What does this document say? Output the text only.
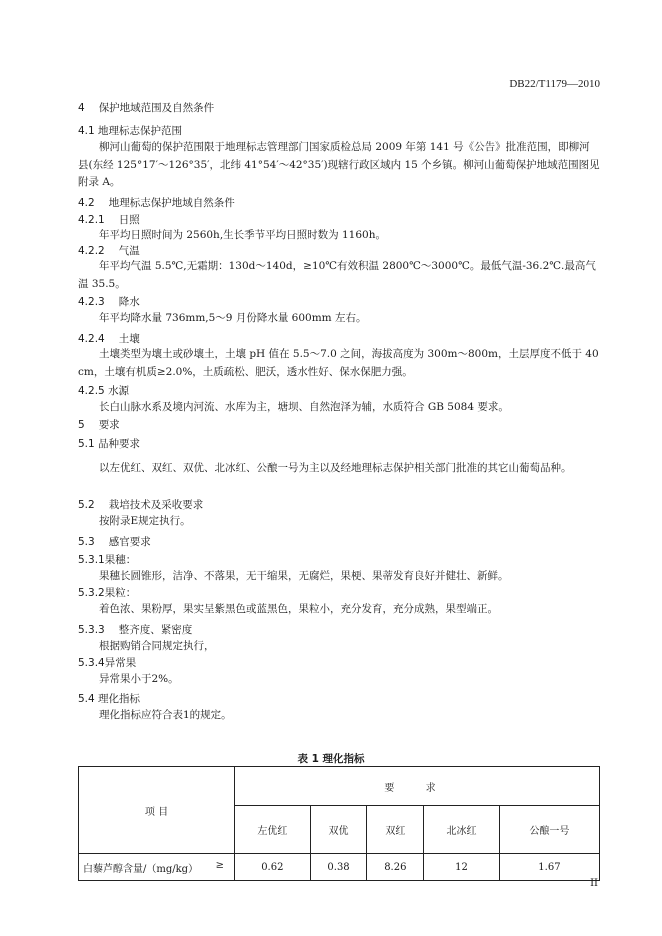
DB22/T1179—2010
4 保护地域范围及自然条件
4.1 地理标志保护范围
柳河山葡萄的保护范围限于地理标志管理部门国家质检总局 2009 年第 141 号《公告》批准范围，即柳河县(东经 125°17′～126°35′，北纬 41°54′～42°35′)现辖行政区域内 15 个乡镇。柳河山葡萄保护地域范围图见附录 A。
4.2 地理标志保护地域自然条件
4.2.1 日照
年平均日照时间为 2560h,生长季节平均日照时数为 1160h。
4.2.2 气温
年平均气温 5.5℃,无霜期：130d～140d，≥10℃有效积温 2800℃～3000℃。最低气温-36.2℃.最高气温 35.5。
4.2.3 降水
年平均降水量 736mm,5～9 月份降水量 600mm 左右。
4.2.4 土壤
土壤类型为壤土或砂壤土，土壤 pH 值在 5.5～7.0 之间，海拔高度为 300m～800m，土层厚度不低于 40 cm，土壤有机质≥2.0%，土质疏松、肥沃，透水性好、保水保肥力强。
4.2.5 水源
长白山脉水系及境内河流、水库为主，塘坝、自然泡泽为辅，水质符合 GB 5084 要求。
5 要求
5.1 品种要求
以左优红、双红、双优、北冰红、公酿一号为主以及经地理标志保护相关部门批准的其它山葡萄品种。
5.2 栽培技术及采收要求
按附录E规定执行。
5.3 感官要求
5.3.1果穗：
果穗长圆锥形，洁净、不落果，无干缩果，无腐烂，果梗、果蒂发育良好并健壮、新鲜。
5.3.2果粒：
着色浓、果粉厚，果实呈紫黑色或蓝黑色，果粒小，充分发育，充分成熟，果型端正。
5.3.3 整齐度、紧密度
根据购销合同规定执行，
5.3.4异常果
异常果小于2%。
5.4 理化指标
理化指标应符合表1的规定。
表 1 理化指标
项 目	要 求				
	左优红	双优	双红	北冰红	公酿一号
白藜芦醇含量/（mg/kg） ≥	0.62	0.38	8.26	12	1.67
II
